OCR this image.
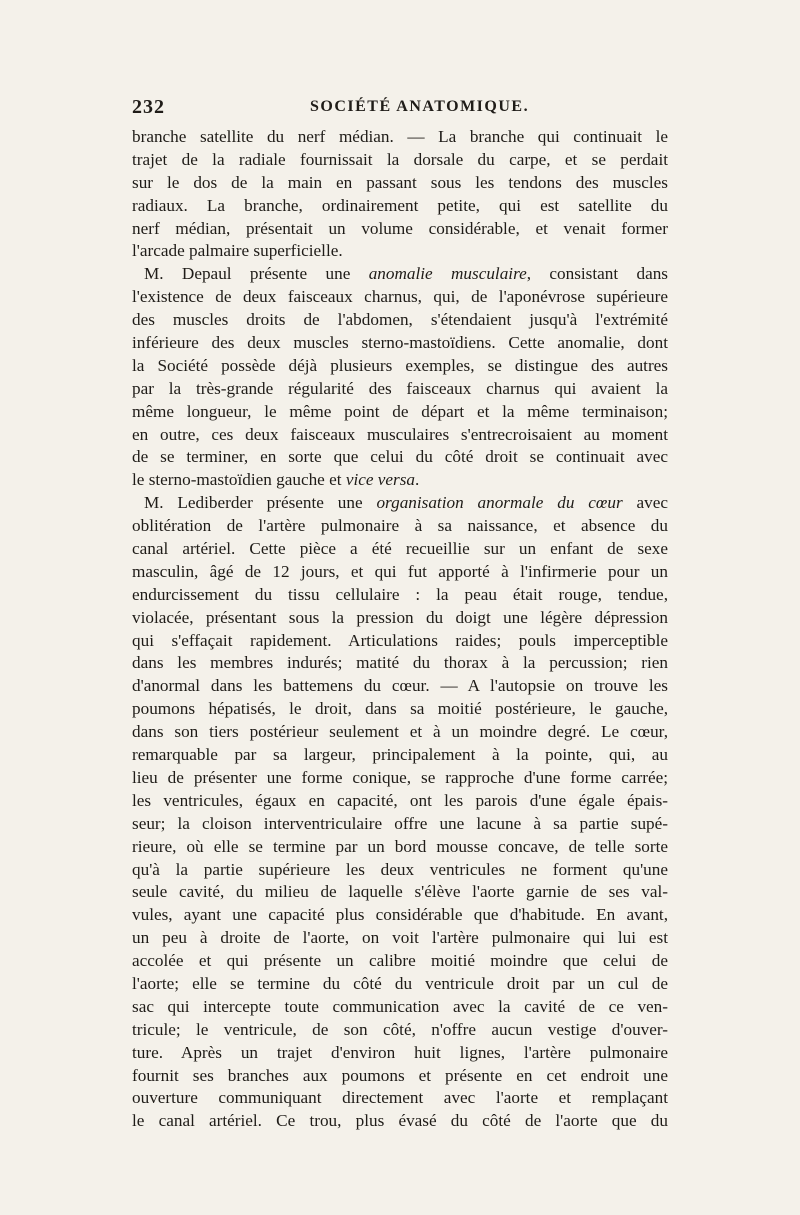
232	SOCIÉTÉ ANATOMIQUE.
branche satellite du nerf médian. — La branche qui continuait le
trajet de la radiale fournissait la dorsale du carpe, et se perdait
sur le dos de la main en passant sous les tendons des muscles
radiaux. La branche, ordinairement petite, qui est satellite du
nerf médian, présentait un volume considérable, et venait former
l'arcade palmaire superficielle.
M. Depaul présente une anomalie musculaire, consistant dans
l'existence de deux faisceaux charnus, qui, de l'aponévrose supérieure
des muscles droits de l'abdomen, s'étendaient jusqu'à l'extrémité
inférieure des deux muscles sterno-mastoïdiens. Cette anomalie, dont
la Société possède déjà plusieurs exemples, se distingue des autres
par la très-grande régularité des faisceaux charnus qui avaient la
même longueur, le même point de départ et la même terminaison;
en outre, ces deux faisceaux musculaires s'entrecroisaient au moment
de se terminer, en sorte que celui du côté droit se continuait avec
le sterno-mastoïdien gauche et vice versa.
M. Lediberder présente une organisation anormale du cœur avec
oblitération de l'artère pulmonaire à sa naissance, et absence du
canal artériel. Cette pièce a été recueillie sur un enfant de sexe
masculin, âgé de 12 jours, et qui fut apporté à l'infirmerie pour un
endurcissement du tissu cellulaire : la peau était rouge, tendue,
violacée, présentant sous la pression du doigt une légère dépression
qui s'effaçait rapidement. Articulations raides; pouls imperceptible
dans les membres indurés; matité du thorax à la percussion; rien
d'anormal dans les battemens du cœur. — A l'autopsie on trouve les
poumons hépatisés, le droit, dans sa moitié postérieure, le gauche,
dans son tiers postérieur seulement et à un moindre degré. Le cœur,
remarquable par sa largeur, principalement à la pointe, qui, au
lieu de présenter une forme conique, se rapproche d'une forme carrée;
les ventricules, égaux en capacité, ont les parois d'une égale épais-
seur; la cloison interventriculaire offre une lacune à sa partie supé-
rieure, où elle se termine par un bord mousse concave, de telle sorte
qu'à la partie supérieure les deux ventricules ne forment qu'une
seule cavité, du milieu de laquelle s'élève l'aorte garnie de ses val-
vules, ayant une capacité plus considérable que d'habitude. En avant,
un peu à droite de l'aorte, on voit l'artère pulmonaire qui lui est
accolée et qui présente un calibre moitié moindre que celui de
l'aorte; elle se termine du côté du ventricule droit par un cul de
sac qui intercepte toute communication avec la cavité de ce ven-
tricule; le ventricule, de son côté, n'offre aucun vestige d'ouver-
ture. Après un trajet d'environ huit lignes, l'artère pulmonaire
fournit ses branches aux poumons et présente en cet endroit une
ouverture communiquant directement avec l'aorte et remplaçant
le canal artériel. Ce trou, plus évasé du côté de l'aorte que du
